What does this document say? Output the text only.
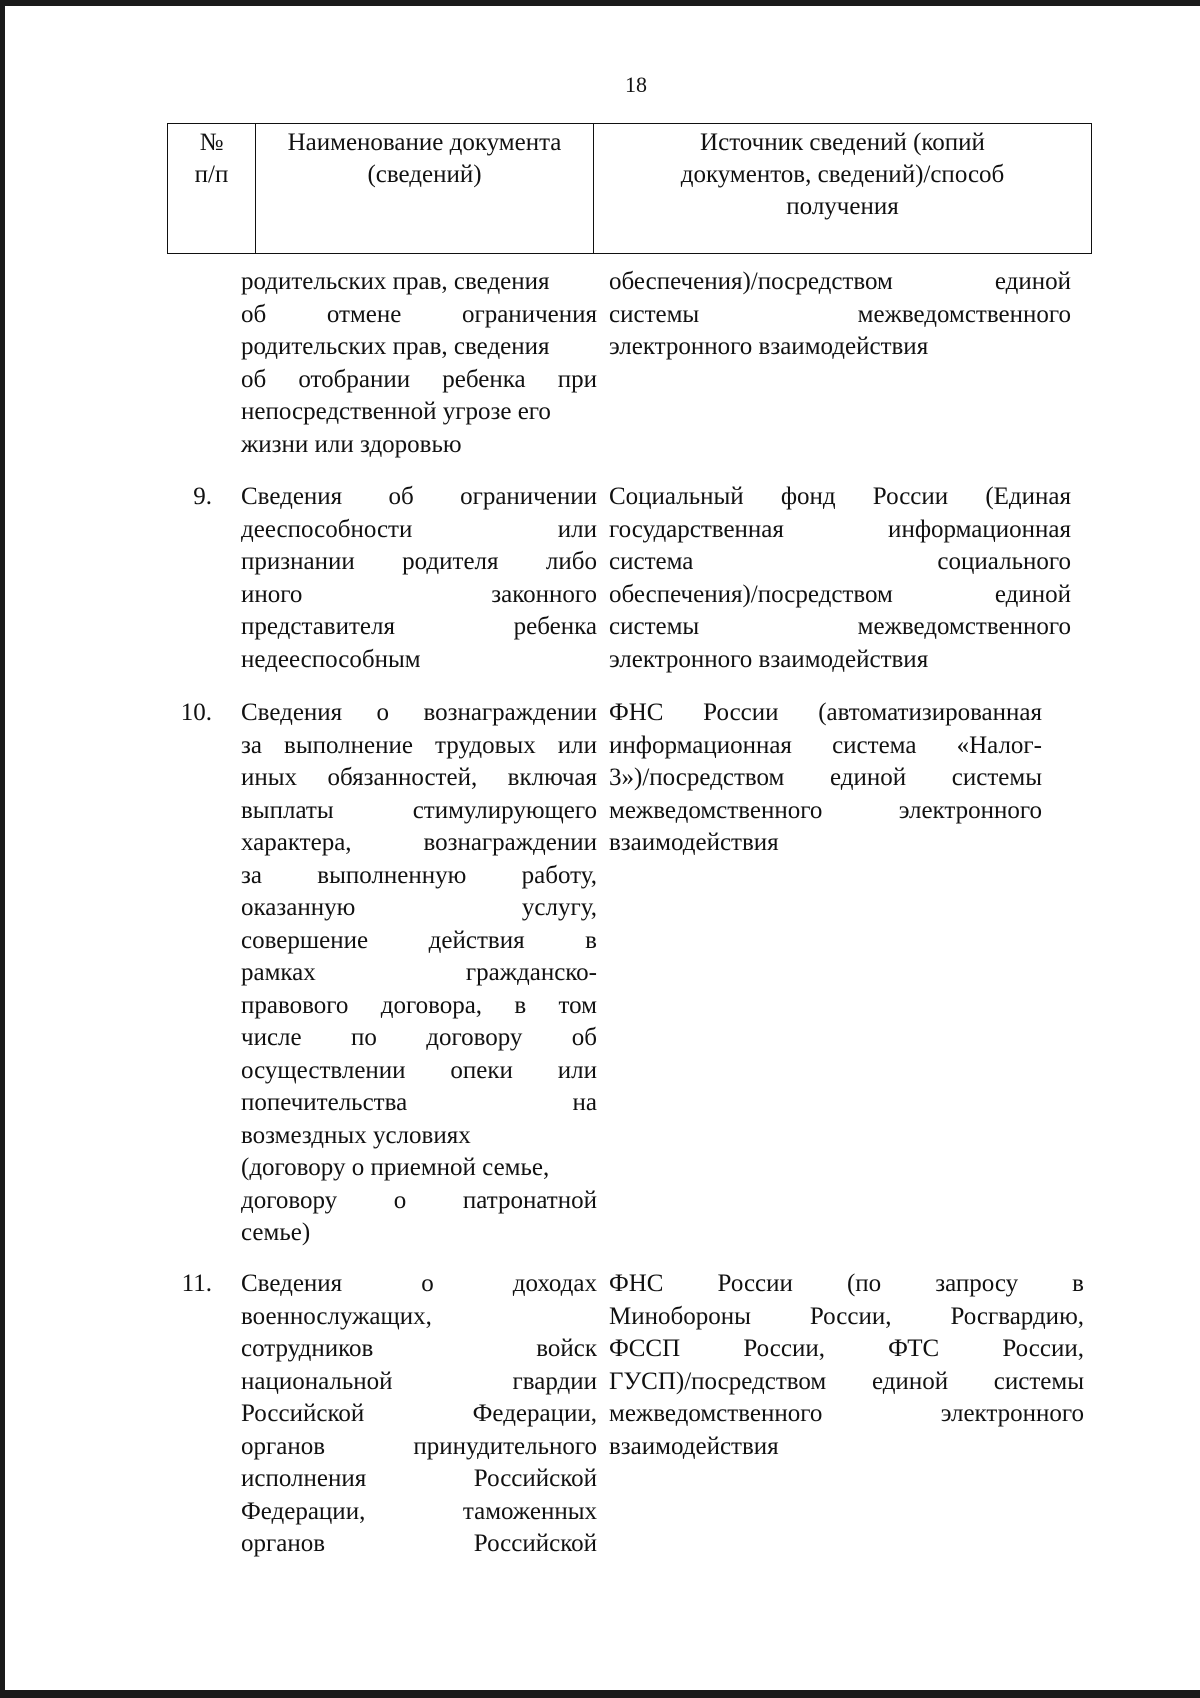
18
№
п/п
Наименование документа
(сведений)
Источник сведений (копий
документов, сведений)/способ
получения
родительских прав, сведения
об отмене ограничения
родительских прав, сведения
об отобрании ребенка при
непосредственной угрозе его
жизни или здоровью
обеспечения)/посредством единой
системы межведомственного
электронного взаимодействия
9. Сведения об ограничении
дееспособности или
признании родителя либо
иного законного
представителя ребенка
недееспособным
Социальный фонд России (Единая
государственная информационная
система социального
обеспечения)/посредством единой
системы межведомственного
электронного взаимодействия
10. Сведения о вознаграждении
за выполнение трудовых или
иных обязанностей, включая
выплаты стимулирующего
характера, вознаграждении
за выполненную работу,
оказанную услугу,
совершение действия в
рамках гражданско-
правового договора, в том
числе по договору об
осуществлении опеки или
попечительства на
возмездных условиях
(договору о приемной семье,
договору о патронатной
семье)
ФНС России (автоматизированная
информационная система «Налог-
3»)/посредством единой системы
межведомственного электронного
взаимодействия
11. Сведения о доходах
военнослужащих,
сотрудников войск
национальной гвардии
Российской Федерации,
органов принудительного
исполнения Российской
Федерации, таможенных
органов Российской
ФНС России (по запросу в
Минобороны России, Росгвардию,
ФССП России, ФТС России,
ГУСП)/посредством единой системы
межведомственного электронного
взаимодействия
